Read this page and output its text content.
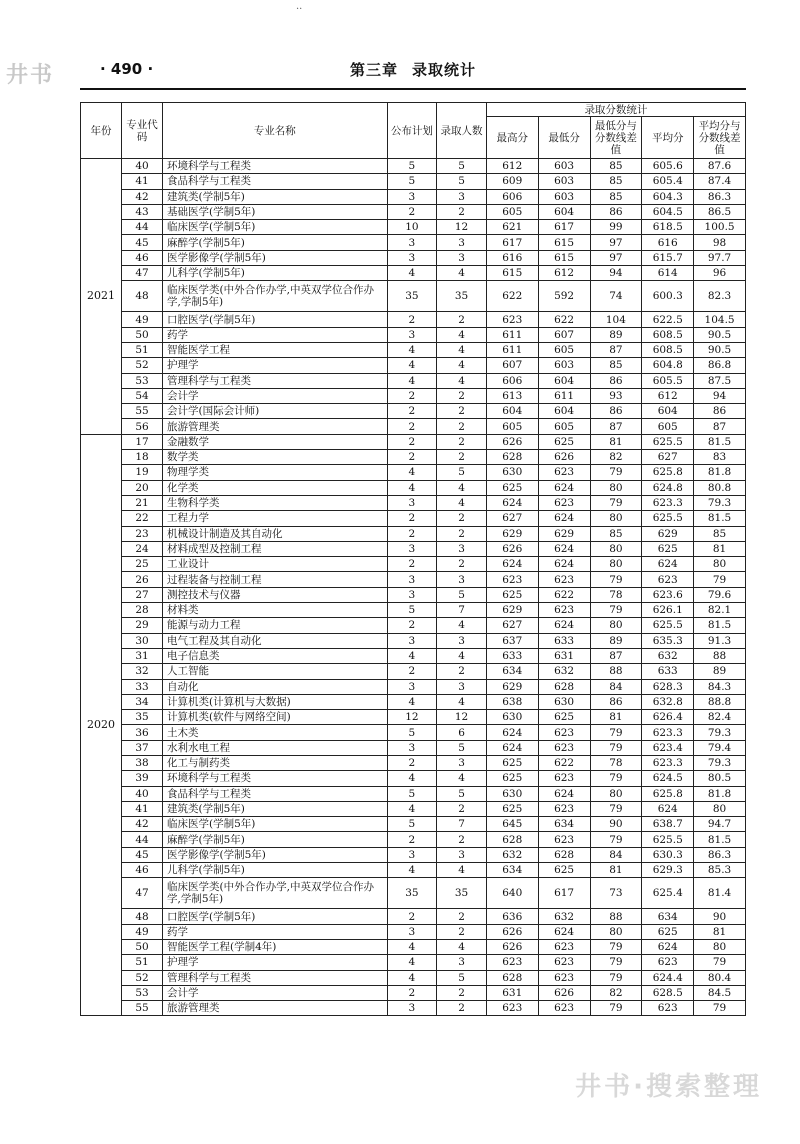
··
井书	· 490 ·	第三章 录取统计
年份	专业代码	专业名称	公布计划	录取人数	录取分数统计				
					最高分	最低分	最低分与分数线差值	平均分	平均分与分数线差值
2021	40	环境科学与工程类	5	5	612	603	85	605.6	87.6
	41	食品科学与工程类	5	5	609	603	85	605.4	87.4
	42	建筑类(学制5年)	3	3	606	603	85	604.3	86.3
	43	基础医学(学制5年)	2	2	605	604	86	604.5	86.5
	44	临床医学(学制5年)	10	12	621	617	99	618.5	100.5
	45	麻醉学(学制5年)	3	3	617	615	97	616	98
	46	医学影像学(学制5年)	3	3	616	615	97	615.7	97.7
	47	儿科学(学制5年)	4	4	615	612	94	614	96
	48	临床医学类(中外合作办学,中英双学位合作办学,学制5年)	35	35	622	592	74	600.3	82.3
	49	口腔医学(学制5年)	2	2	623	622	104	622.5	104.5
	50	药学	3	4	611	607	89	608.5	90.5
	51	智能医学工程	4	4	611	605	87	608.5	90.5
	52	护理学	4	4	607	603	85	604.8	86.8
	53	管理科学与工程类	4	4	606	604	86	605.5	87.5
	54	会计学	2	2	613	611	93	612	94
	55	会计学(国际会计师)	2	2	604	604	86	604	86
	56	旅游管理类	2	2	605	605	87	605	87
2020	17	金融数学	2	2	626	625	81	625.5	81.5
	18	数学类	2	2	628	626	82	627	83
	19	物理学类	4	5	630	623	79	625.8	81.8
	20	化学类	4	4	625	624	80	624.8	80.8
	21	生物科学类	3	4	624	623	79	623.3	79.3
	22	工程力学	2	2	627	624	80	625.5	81.5
	23	机械设计制造及其自动化	2	2	629	629	85	629	85
	24	材料成型及控制工程	3	3	626	624	80	625	81
	25	工业设计	2	2	624	624	80	624	80
	26	过程装备与控制工程	3	3	623	623	79	623	79
	27	测控技术与仪器	3	5	625	622	78	623.6	79.6
	28	材料类	5	7	629	623	79	626.1	82.1
	29	能源与动力工程	2	4	627	624	80	625.5	81.5
	30	电气工程及其自动化	3	3	637	633	89	635.3	91.3
	31	电子信息类	4	4	633	631	87	632	88
	32	人工智能	2	2	634	632	88	633	89
	33	自动化	3	3	629	628	84	628.3	84.3
	34	计算机类(计算机与大数据)	4	4	638	630	86	632.8	88.8
	35	计算机类(软件与网络空间)	12	12	630	625	81	626.4	82.4
	36	土木类	5	6	624	623	79	623.3	79.3
	37	水利水电工程	3	5	624	623	79	623.4	79.4
	38	化工与制药类	2	3	625	622	78	623.3	79.3
	39	环境科学与工程类	4	4	625	623	79	624.5	80.5
	40	食品科学与工程类	5	5	630	624	80	625.8	81.8
	41	建筑类(学制5年)	4	2	625	623	79	624	80
	42	临床医学(学制5年)	5	7	645	634	90	638.7	94.7
	44	麻醉学(学制5年)	2	2	628	623	79	625.5	81.5
	45	医学影像学(学制5年)	3	3	632	628	84	630.3	86.3
	46	儿科学(学制5年)	4	4	634	625	81	629.3	85.3
	47	临床医学类(中外合作办学,中英双学位合作办学,学制5年)	35	35	640	617	73	625.4	81.4
	48	口腔医学(学制5年)	2	2	636	632	88	634	90
	49	药学	3	2	626	624	80	625	81
	50	智能医学工程(学制4年)	4	4	626	623	79	624	80
	51	护理学	4	3	623	623	79	623	79
	52	管理科学与工程类	4	5	628	623	79	624.4	80.4
	53	会计学	2	2	631	626	82	628.5	84.5
	55	旅游管理类	3	2	623	623	79	623	79
井书·搜索整理
